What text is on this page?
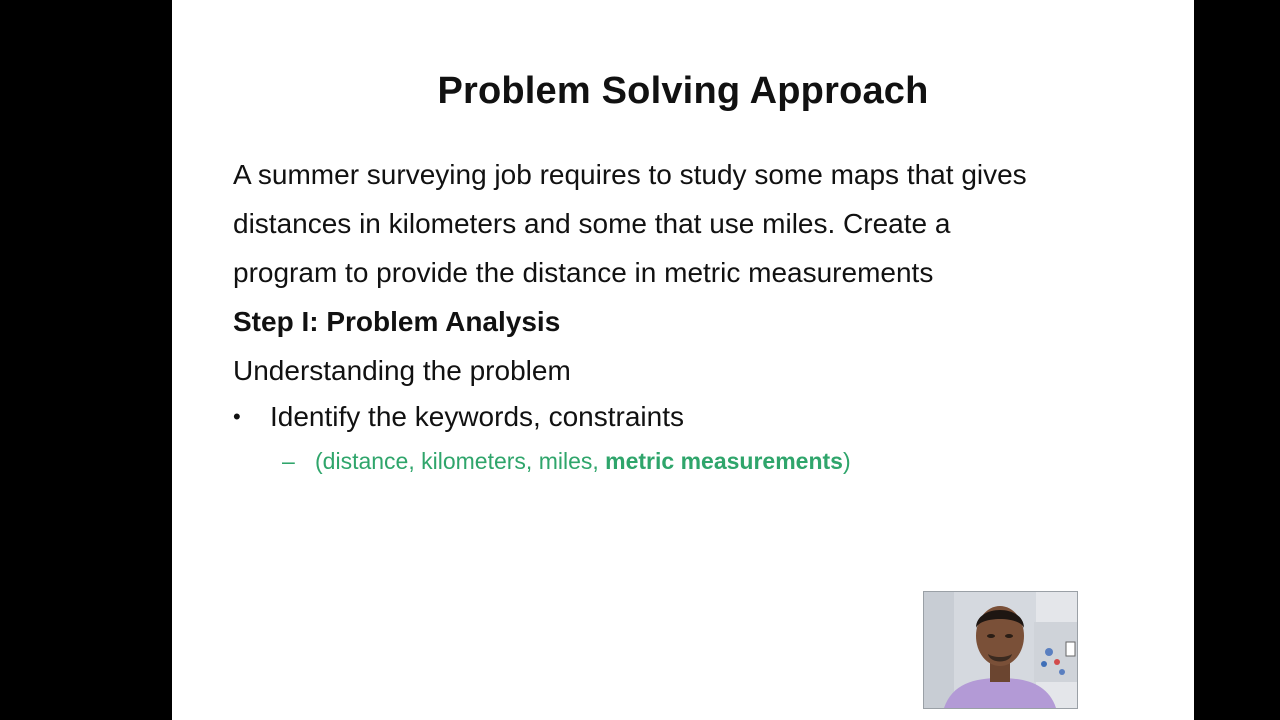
Problem Solving Approach
A summer surveying job requires to study some maps that gives
distances in kilometers and some that use miles. Create a
program to provide the distance in metric measurements
Step I: Problem Analysis
Understanding the problem
• Identify the keywords, constraints
– (distance, kilometers, miles, metric measurements)
